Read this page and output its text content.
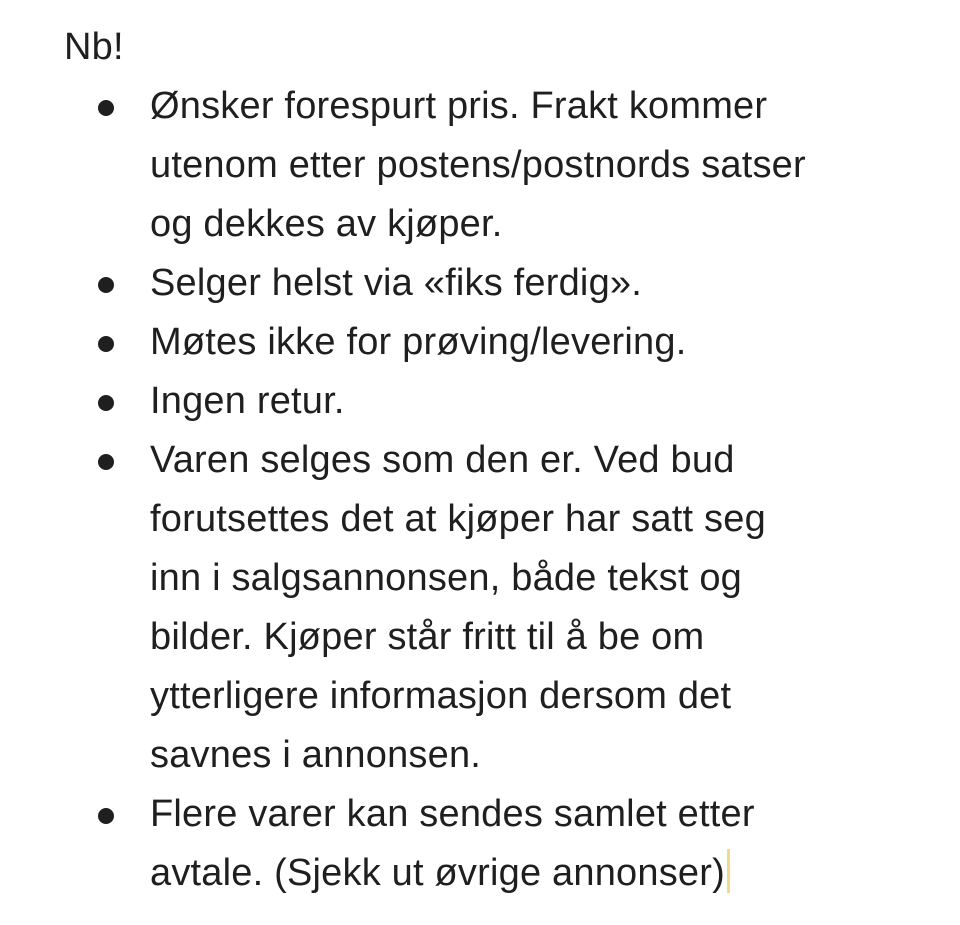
Nb!

Ønsker forespurt pris. Frakt kommer
utenom etter postens/postnords satser
og dekkes av kjøper.
Selger helst via «fiks ferdig».
Møtes ikke for prøving/levering.
Ingen retur.
Varen selges som den er. Ved bud
forutsettes det at kjøper har satt seg
inn i salgsannonsen, både tekst og
bilder. Kjøper står fritt til å be om
ytterligere informasjon dersom det
savnes i annonsen.
Flere varer kan sendes samlet etter
avtale. (Sjekk ut øvrige annonser)
